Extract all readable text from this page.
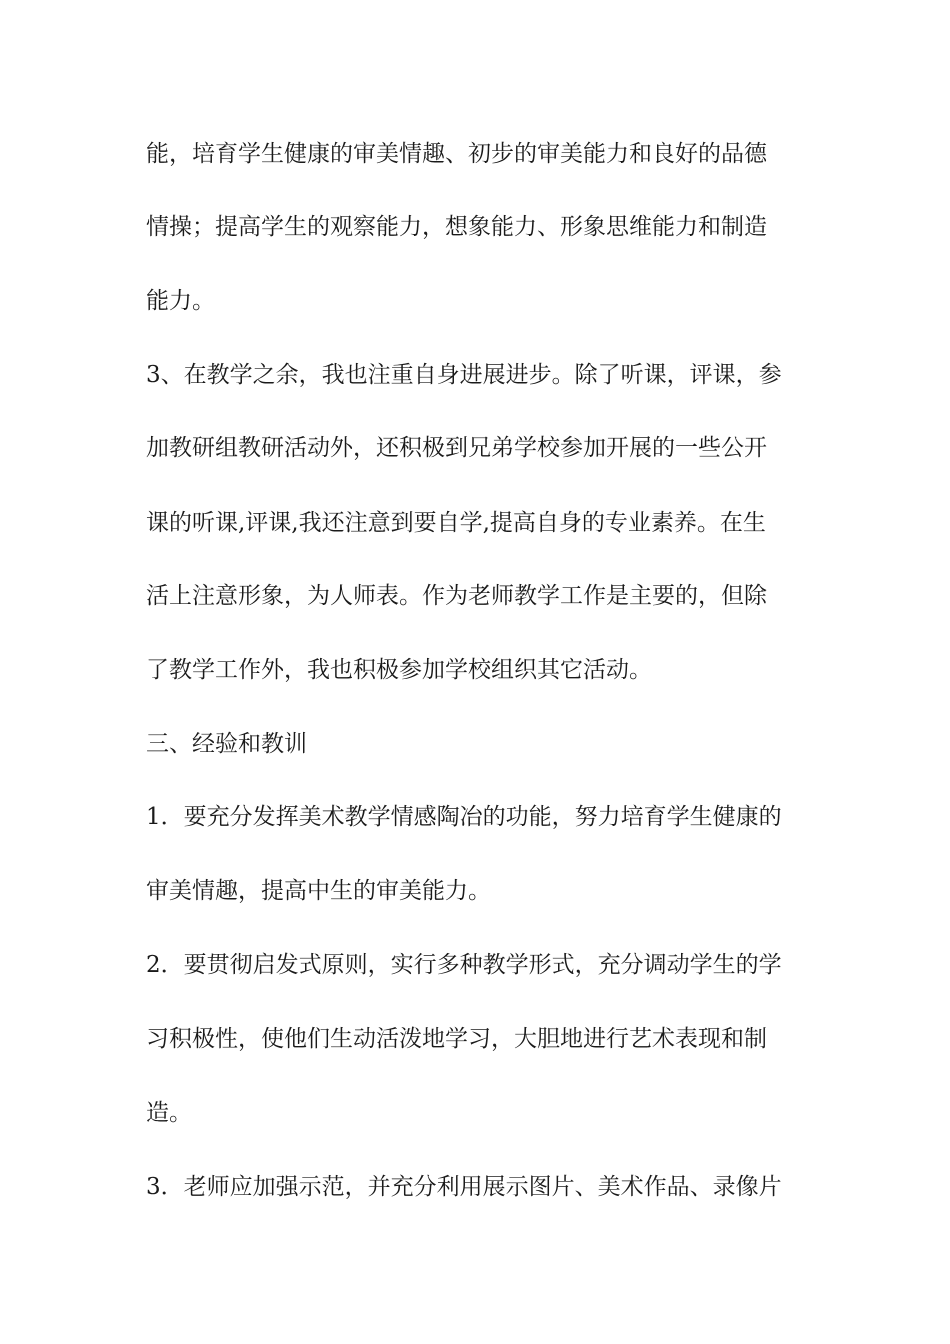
能，培育学生健康的审美情趣、初步的审美能力和良好的品德
情操；提高学生的观察能力，想象能力、形象思维能力和制造
能力。
3、在教学之余，我也注重自身进展进步。除了听课，评课，参
加教研组教研活动外，还积极到兄弟学校参加开展的一些公开
课的听课,评课,我还注意到要自学,提高自身的专业素养。在生
活上注意形象，为人师表。作为老师教学工作是主要的，但除
了教学工作外，我也积极参加学校组织其它活动。
三、经验和教训
1．要充分发挥美术教学情感陶冶的功能，努力培育学生健康的
审美情趣，提高中生的审美能力。
2．要贯彻启发式原则，实行多种教学形式，充分调动学生的学
习积极性，使他们生动活泼地学习，大胆地进行艺术表现和制
造。
3．老师应加强示范，并充分利用展示图片、美术作品、录像片
